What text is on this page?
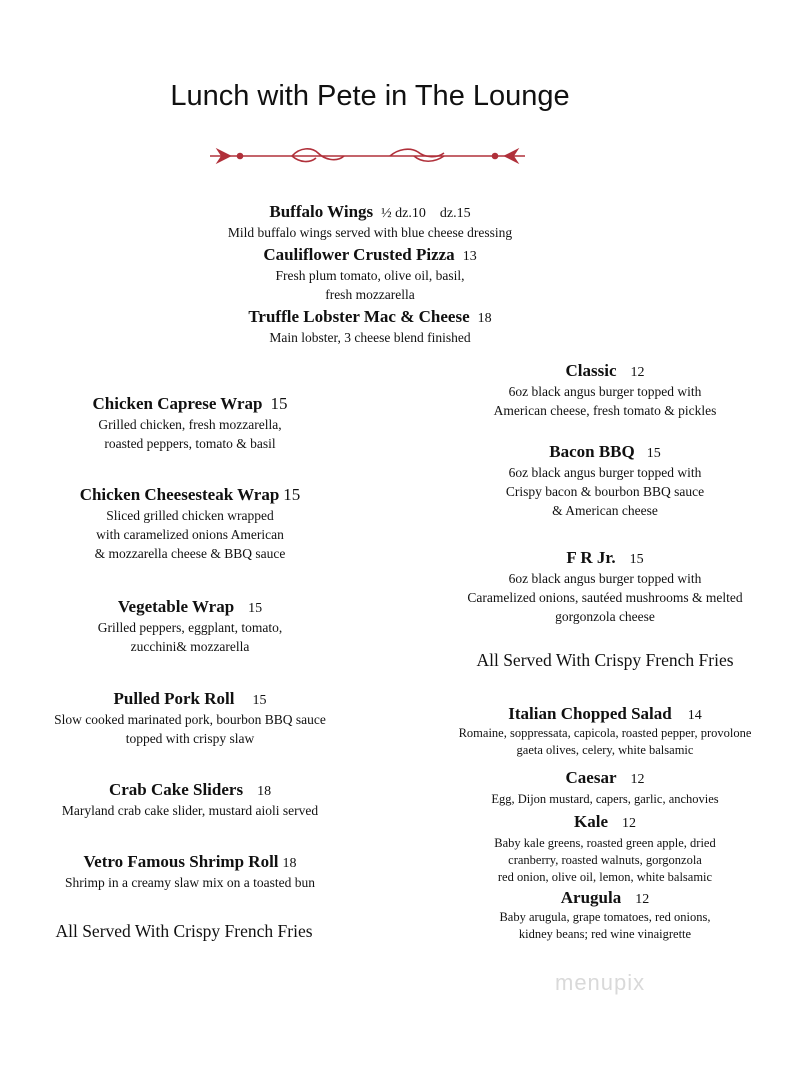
Lunch with Pete in The Lounge
Buffalo Wings ½ dz.10    dz.15
Mild buffalo wings served with blue cheese dressing
Cauliflower Crusted Pizza 13
Fresh plum tomato, olive oil, basil,
fresh mozzarella
Truffle Lobster Mac & Cheese 18
Main lobster, 3 cheese blend finished
Chicken Caprese Wrap 15
Grilled chicken, fresh mozzarella,
roasted peppers, tomato & basil
Chicken Cheesesteak Wrap 15
Sliced grilled chicken wrapped
with caramelized onions American
& mozzarella cheese & BBQ sauce
Vegetable Wrap 15
Grilled peppers, eggplant, tomato,
zucchini& mozzarella
Pulled Pork Roll 15
Slow cooked marinated pork, bourbon BBQ sauce
topped with crispy slaw
Crab Cake Sliders 18
Maryland crab cake slider, mustard aioli served
Vetro Famous Shrimp Roll 18
Shrimp in a creamy slaw mix on a toasted bun
All Served With Crispy French Fries
Classic 12
6oz black angus burger topped with
American cheese, fresh tomato & pickles
Bacon BBQ 15
6oz black angus burger topped with
Crispy bacon & bourbon BBQ sauce
& American cheese
F R Jr. 15
6oz black angus burger topped with
Caramelized onions, sautéed mushrooms & melted
gorgonzola cheese
All Served With Crispy French Fries
Italian Chopped Salad 14
Romaine, soppressata, capicola, roasted pepper, provolone
gaeta olives, celery, white balsamic
Caesar 12
Egg, Dijon mustard, capers, garlic, anchovies
Kale 12
Baby kale greens, roasted green apple, dried
cranberry, roasted walnuts, gorgonzola
red onion, olive oil, lemon, white balsamic
Arugula 12
Baby arugula, grape tomatoes, red onions,
kidney beans; red wine vinaigrette
menupix
